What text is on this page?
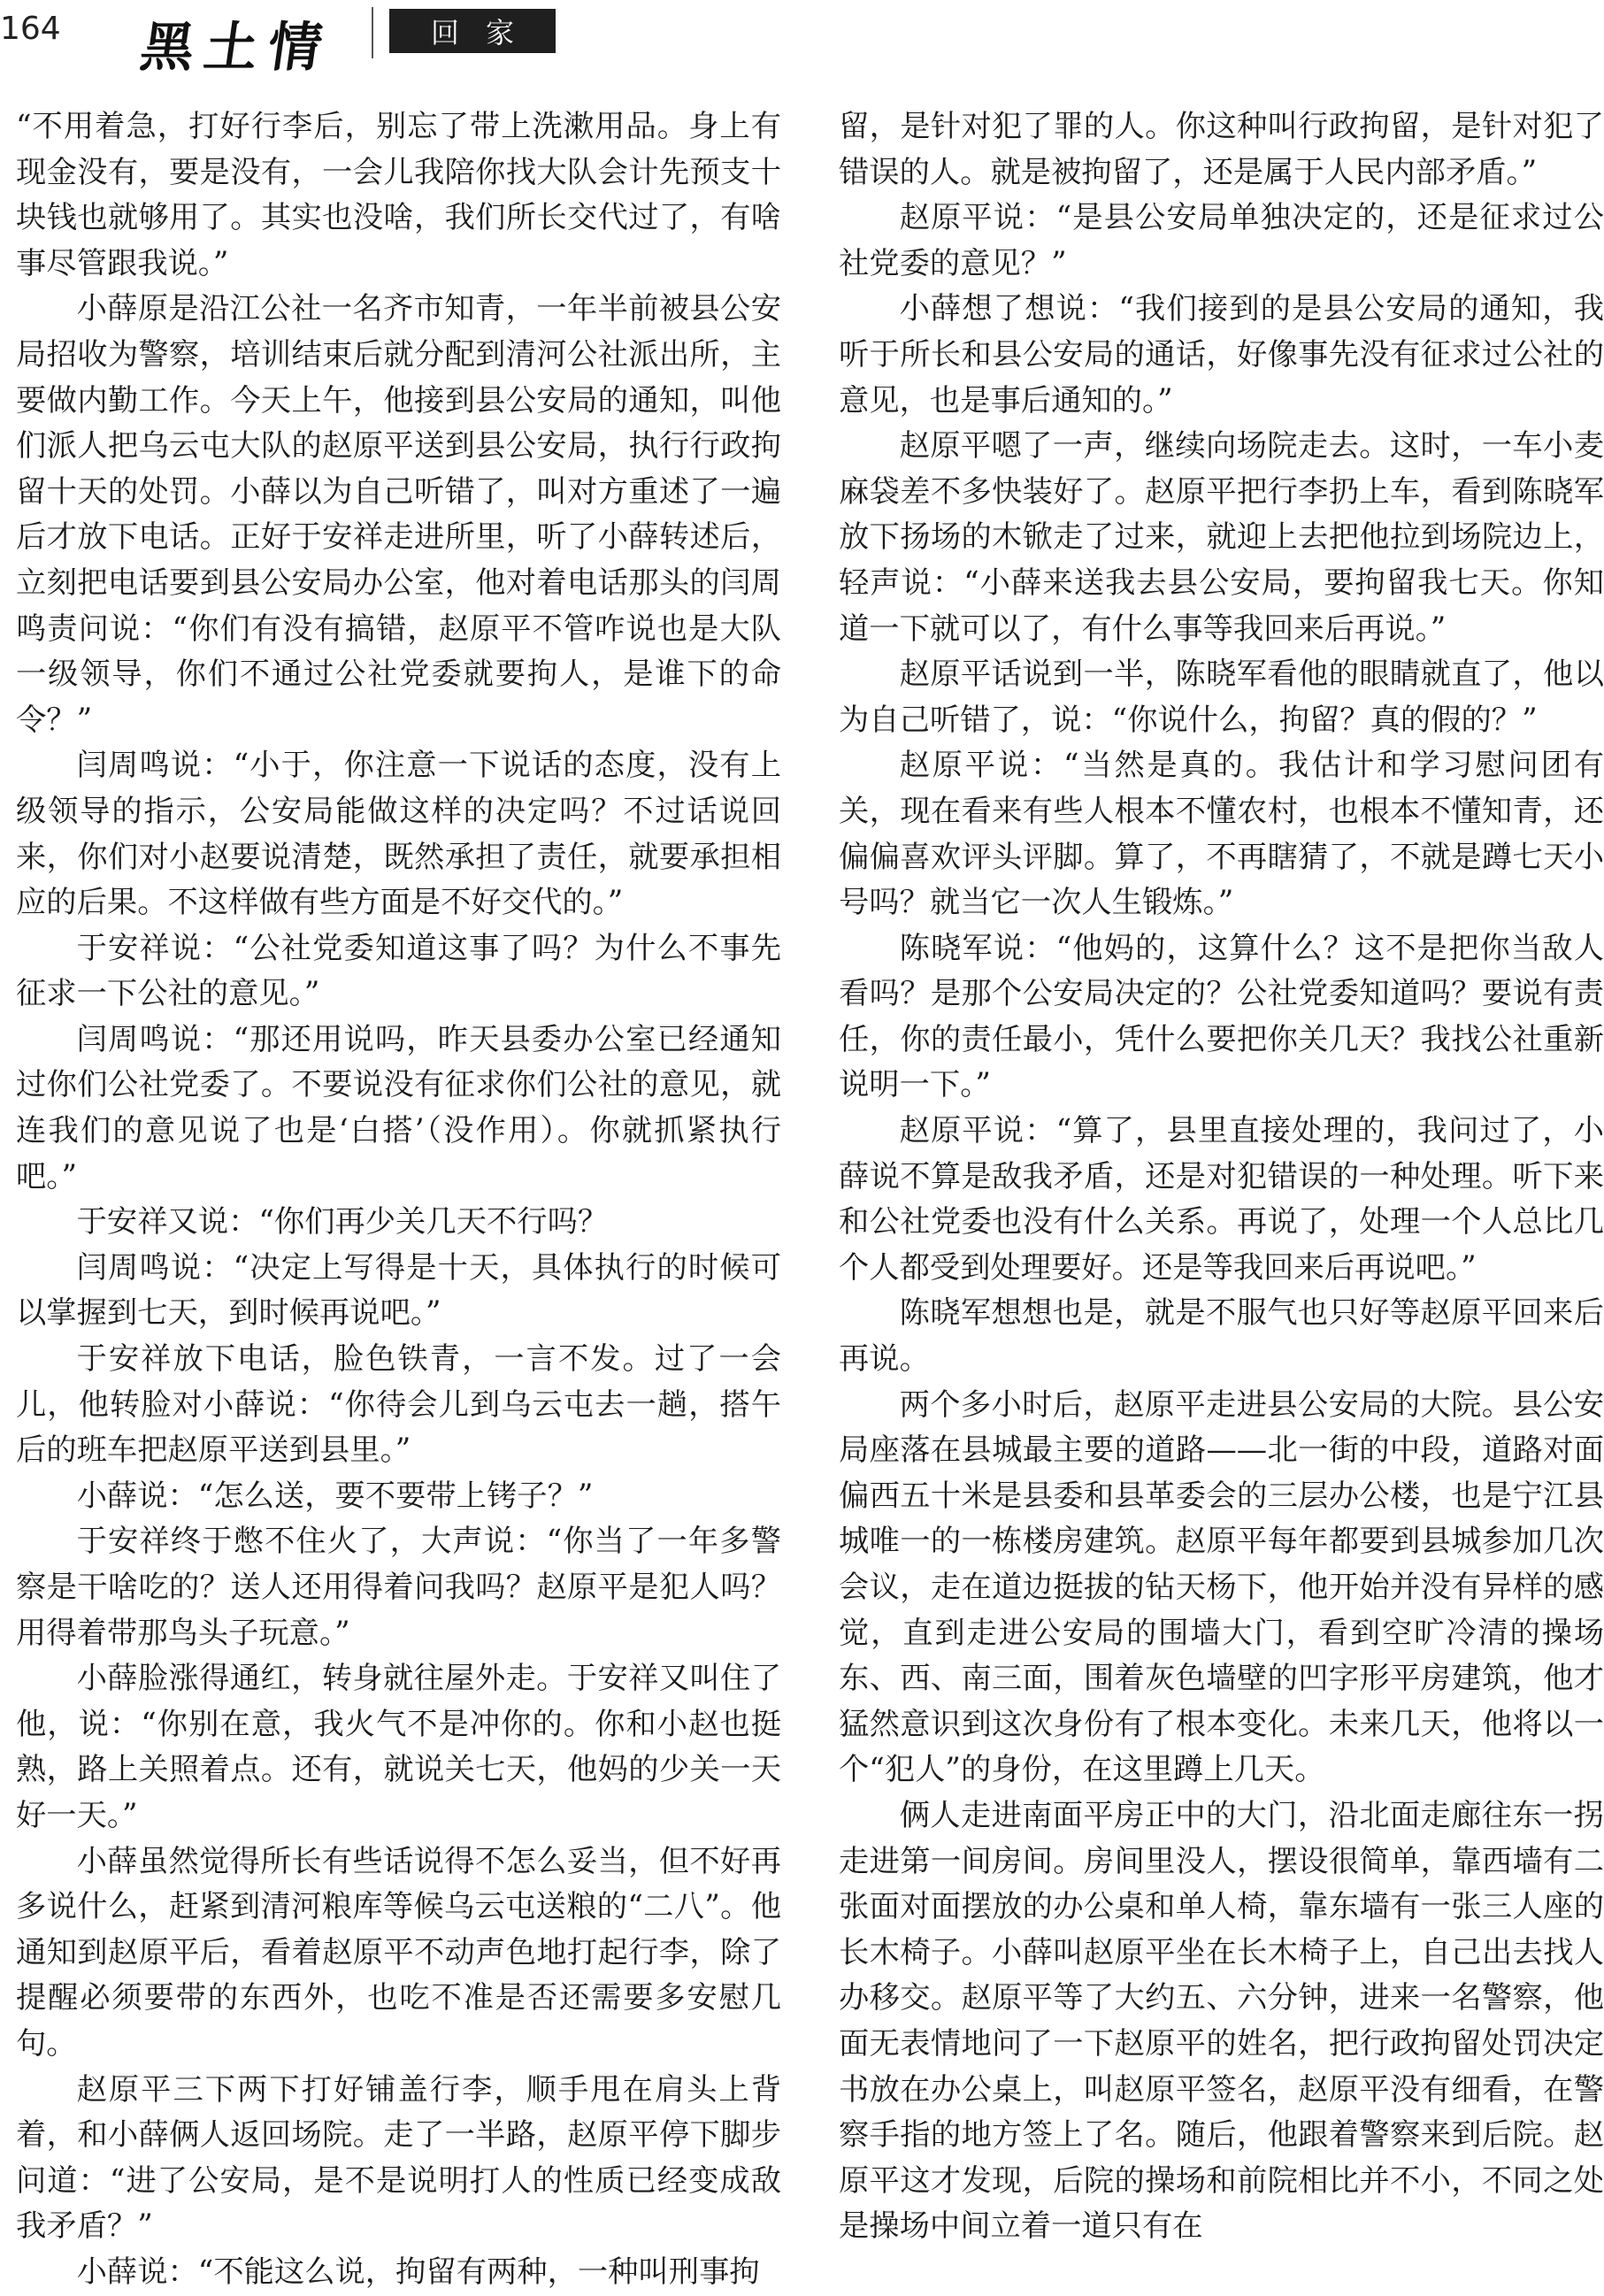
164 黑土情	回家

“不用着急，打好行李后，别忘了带上洗漱用品。身上有现金没有，要是没有，一会儿我陪你找大队会计先预支十块钱也就够用了。其实也没啥，我们所长交代过了，有啥事尽管跟我说。”

小薛原是沿江公社一名齐市知青，一年半前被县公安局招收为警察，培训结束后就分配到清河公社派出所，主要做内勤工作。今天上午，他接到县公安局的通知，叫他们派人把乌云屯大队的赵原平送到县公安局，执行行政拘留十天的处罚。小薛以为自己听错了，叫对方重述了一遍后才放下电话。正好于安祥走进所里，听了小薛转述后，立刻把电话要到县公安局办公室，他对着电话那头的闫周鸣责问说：“你们有没有搞错，赵原平不管咋说也是大队一级领导，你们不通过公社党委就要拘人，是谁下的命令？”

闫周鸣说：“小于，你注意一下说话的态度，没有上级领导的指示，公安局能做这样的决定吗？不过话说回来，你们对小赵要说清楚，既然承担了责任，就要承担相应的后果。不这样做有些方面是不好交代的。”

于安祥说：“公社党委知道这事了吗？为什么不事先征求一下公社的意见。”

闫周鸣说：“那还用说吗，昨天县委办公室已经通知过你们公社党委了。不要说没有征求你们公社的意见，就连我们的意见说了也是‘白搭’（没作用）。你就抓紧执行吧。”

于安祥又说：“你们再少关几天不行吗？

闫周鸣说：“决定上写得是十天，具体执行的时候可以掌握到七天，到时候再说吧。”

于安祥放下电话，脸色铁青，一言不发。过了一会儿，他转脸对小薛说：“你待会儿到乌云屯去一趟，搭午后的班车把赵原平送到县里。”

小薛说：“怎么送，要不要带上铐子？”

于安祥终于憋不住火了，大声说：“你当了一年多警察是干啥吃的？送人还用得着问我吗？赵原平是犯人吗？用得着带那鸟头子玩意。”

小薛脸涨得通红，转身就往屋外走。于安祥又叫住了他，说：“你别在意，我火气不是冲你的。你和小赵也挺熟，路上关照着点。还有，就说关七天，他妈的少关一天好一天。”

小薛虽然觉得所长有些话说得不怎么妥当，但不好再多说什么，赶紧到清河粮库等候乌云屯送粮的“二八”。他通知到赵原平后，看着赵原平不动声色地打起行李，除了提醒必须要带的东西外，也吃不准是否还需要多安慰几句。

赵原平三下两下打好铺盖行李，顺手甩在肩头上背着，和小薛俩人返回场院。走了一半路，赵原平停下脚步问道：“进了公安局，是不是说明打人的性质已经变成敌我矛盾？”

小薛说：“不能这么说，拘留有两种，一种叫刑事拘

留，是针对犯了罪的人。你这种叫行政拘留，是针对犯了错误的人。就是被拘留了，还是属于人民内部矛盾。”

赵原平说：“是县公安局单独决定的，还是征求过公社党委的意见？”

小薛想了想说：“我们接到的是县公安局的通知，我听于所长和县公安局的通话，好像事先没有征求过公社的意见，也是事后通知的。”

赵原平嗯了一声，继续向场院走去。这时，一车小麦麻袋差不多快装好了。赵原平把行李扔上车，看到陈晓军放下扬场的木锨走了过来，就迎上去把他拉到场院边上，轻声说：“小薛来送我去县公安局，要拘留我七天。你知道一下就可以了，有什么事等我回来后再说。”

赵原平话说到一半，陈晓军看他的眼睛就直了，他以为自己听错了，说：“你说什么，拘留？真的假的？”

赵原平说：“当然是真的。我估计和学习慰问团有关，现在看来有些人根本不懂农村，也根本不懂知青，还偏偏喜欢评头评脚。算了，不再瞎猜了，不就是蹲七天小号吗？就当它一次人生锻炼。”

陈晓军说：“他妈的，这算什么？这不是把你当敌人看吗？是那个公安局决定的？公社党委知道吗？要说有责任，你的责任最小，凭什么要把你关几天？我找公社重新说明一下。”

赵原平说：“算了，县里直接处理的，我问过了，小薛说不算是敌我矛盾，还是对犯错误的一种处理。听下来和公社党委也没有什么关系。再说了，处理一个人总比几个人都受到处理要好。还是等我回来后再说吧。”

陈晓军想想也是，就是不服气也只好等赵原平回来后再说。

两个多小时后，赵原平走进县公安局的大院。县公安局座落在县城最主要的道路——北一街的中段，道路对面偏西五十米是县委和县革委会的三层办公楼，也是宁江县城唯一的一栋楼房建筑。赵原平每年都要到县城参加几次会议，走在道边挺拔的钻天杨下，他开始并没有异样的感觉，直到走进公安局的围墙大门，看到空旷冷清的操场东、西、南三面，围着灰色墙壁的凹字形平房建筑，他才猛然意识到这次身份有了根本变化。未来几天，他将以一个“犯人”的身份，在这里蹲上几天。

俩人走进南面平房正中的大门，沿北面走廊往东一拐走进第一间房间。房间里没人，摆设很简单，靠西墙有二张面对面摆放的办公桌和单人椅，靠东墙有一张三人座的长木椅子。小薛叫赵原平坐在长木椅子上，自己出去找人办移交。赵原平等了大约五、六分钟，进来一名警察，他面无表情地问了一下赵原平的姓名，把行政拘留处罚决定书放在办公桌上，叫赵原平签名，赵原平没有细看，在警察手指的地方签上了名。随后，他跟着警察来到后院。赵原平这才发现，后院的操场和前院相比并不小，不同之处是操场中间立着一道只有在
